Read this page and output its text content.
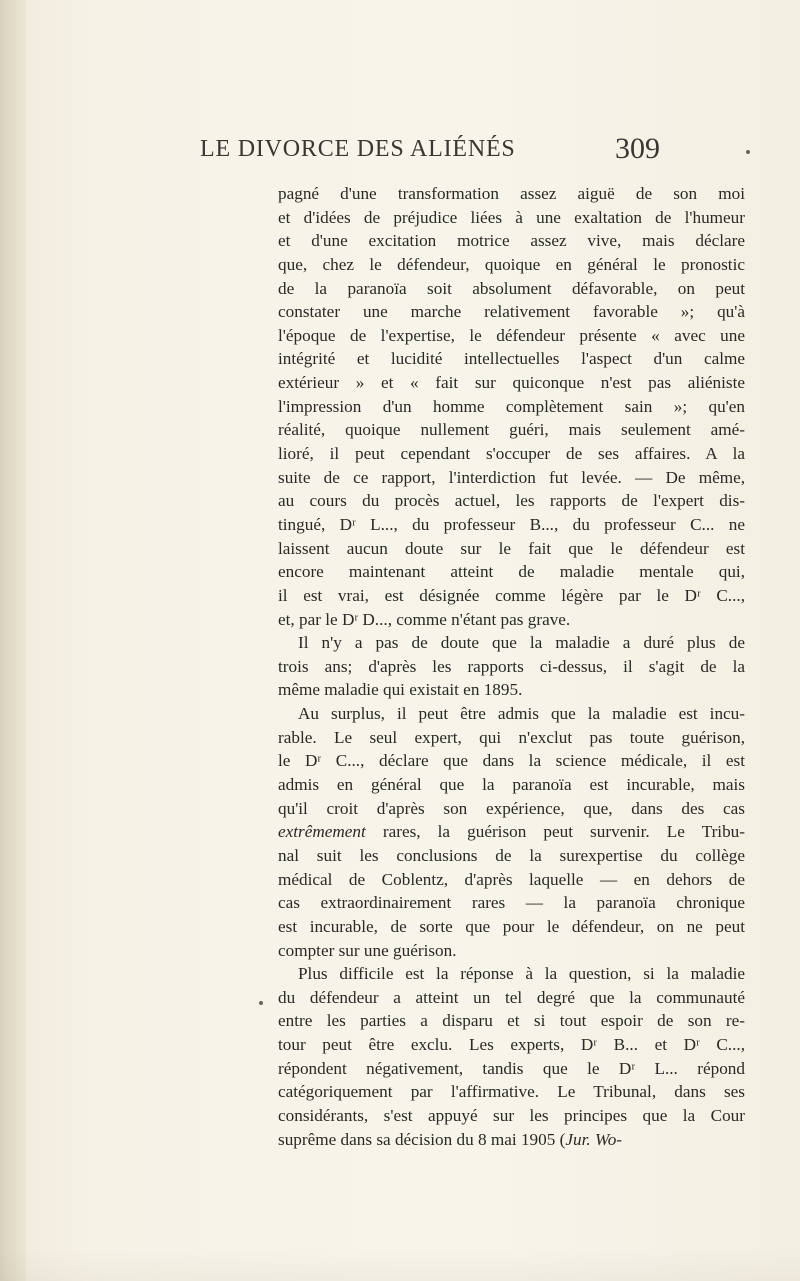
LE DIVORCE DES ALIÉNÉS	309
pagné d'une transformation assez aiguë de son moi
et d'idées de préjudice liées à une exaltation de l'humeur
et d'une excitation motrice assez vive, mais déclare
que, chez le défendeur, quoique en général le pronostic
de la paranoïa soit absolument défavorable, on peut
constater une marche relativement favorable »; qu'à
l'époque de l'expertise, le défendeur présente « avec une
intégrité et lucidité intellectuelles l'aspect d'un calme
extérieur » et « fait sur quiconque n'est pas aliéniste
l'impression d'un homme complètement sain »; qu'en
réalité, quoique nullement guéri, mais seulement amé-
lioré, il peut cependant s'occuper de ses affaires. A la
suite de ce rapport, l'interdiction fut levée. — De même,
au cours du procès actuel, les rapports de l'expert dis-
tingué, Dʳ L..., du professeur B..., du professeur C... ne
laissent aucun doute sur le fait que le défendeur est
encore maintenant atteint de maladie mentale qui,
il est vrai, est désignée comme légère par le Dʳ C...,
et, par le Dʳ D..., comme n'étant pas grave.
Il n'y a pas de doute que la maladie a duré plus de
trois ans; d'après les rapports ci-dessus, il s'agit de la
même maladie qui existait en 1895.
Au surplus, il peut être admis que la maladie est incu-
rable. Le seul expert, qui n'exclut pas toute guérison,
le Dʳ C..., déclare que dans la science médicale, il est
admis en général que la paranoïa est incurable, mais
qu'il croit d'après son expérience, que, dans des cas
extrêmement rares, la guérison peut survenir. Le Tribu-
nal suit les conclusions de la surexpertise du collège
médical de Coblentz, d'après laquelle — en dehors de
cas extraordinairement rares — la paranoïa chronique
est incurable, de sorte que pour le défendeur, on ne peut
compter sur une guérison.
Plus difficile est la réponse à la question, si la maladie
du défendeur a atteint un tel degré que la communauté
entre les parties a disparu et si tout espoir de son re-
tour peut être exclu. Les experts, Dʳ B... et Dʳ C...,
répondent négativement, tandis que le Dʳ L... répond
catégoriquement par l'affirmative. Le Tribunal, dans ses
considérants, s'est appuyé sur les principes que la Cour
suprême dans sa décision du 8 mai 1905 (Jur. Wo-
